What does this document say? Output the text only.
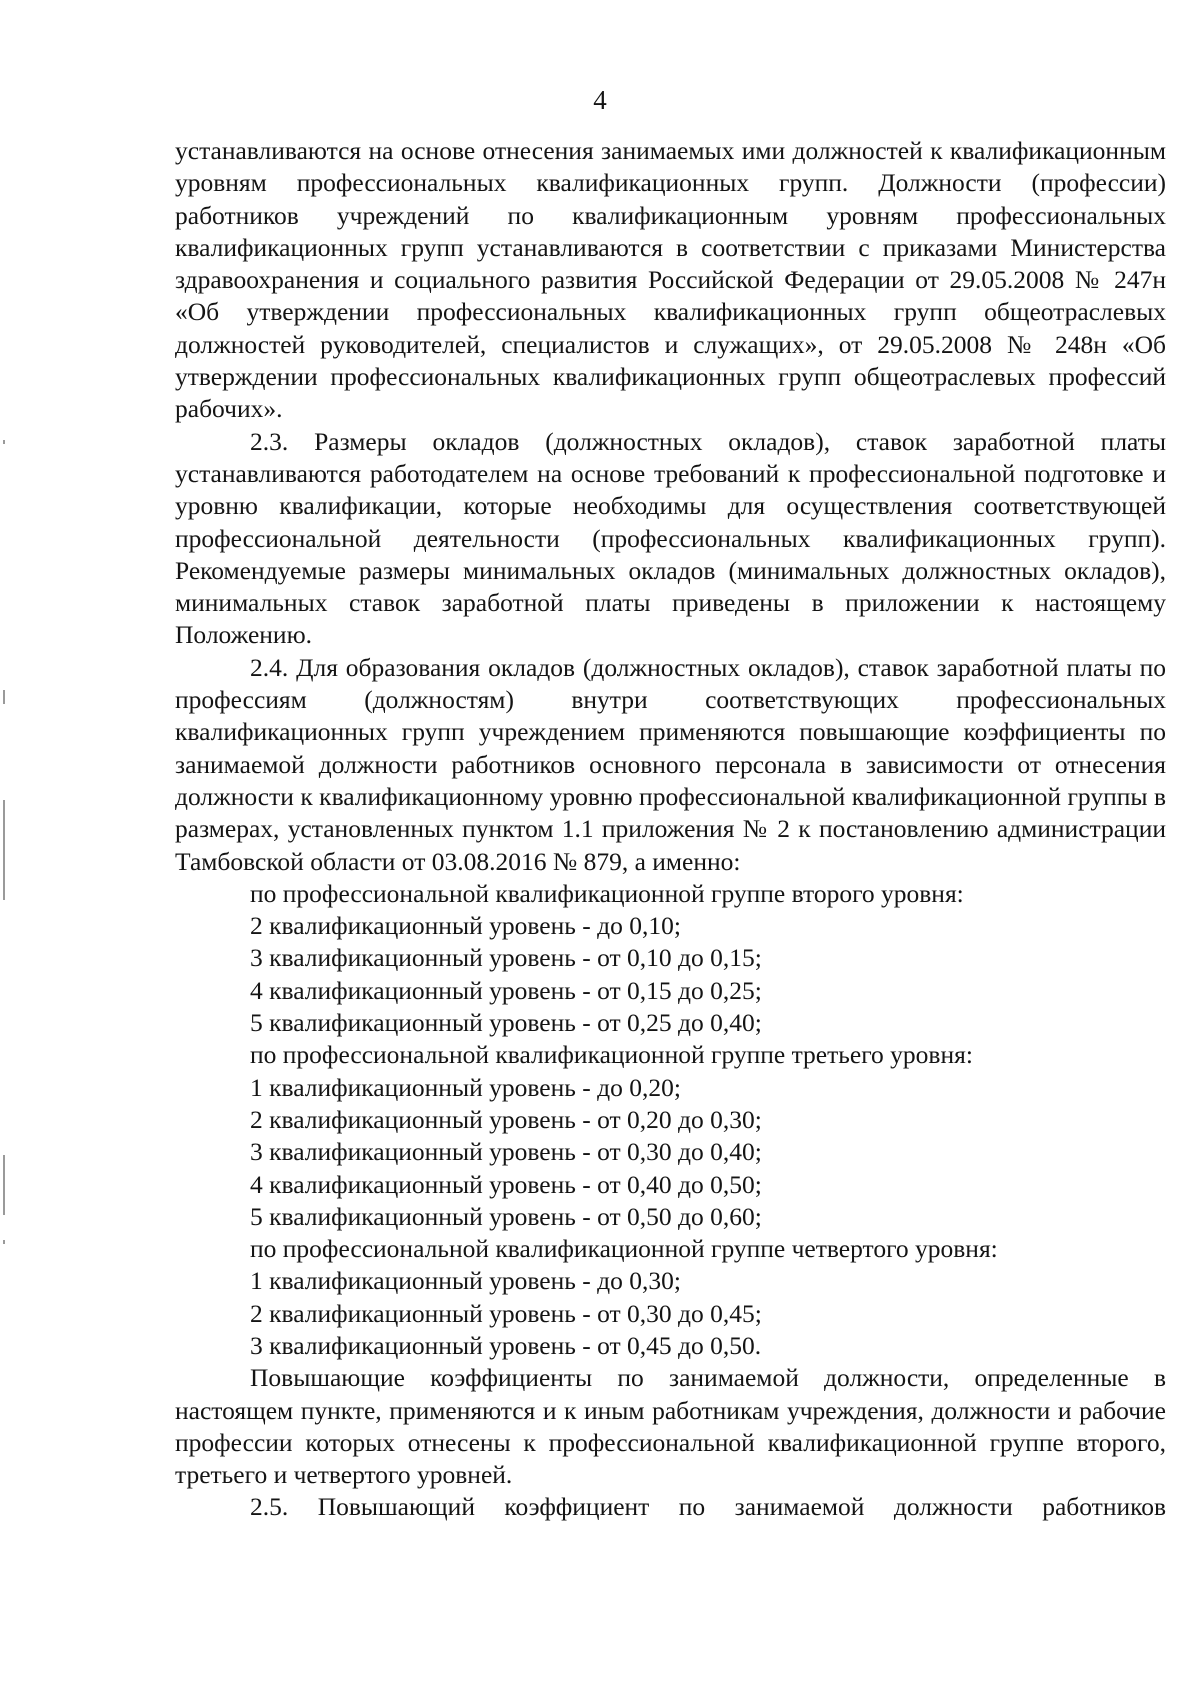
4

устанавливаются на основе отнесения занимаемых ими должностей к квалификационным уровням профессиональных квалификационных групп. Должности (профессии) работников учреждений по квалификационным уровням профессиональных квалификационных групп устанавливаются в соответствии с приказами Министерства здравоохранения и социального развития Российской Федерации от 29.05.2008 № 247н «Об утверждении профессиональных квалификационных групп общеотраслевых должностей руководителей, специалистов и служащих», от 29.05.2008 № 248н «Об утверждении профессиональных квалификационных групп общеотраслевых профессий рабочих».

2.3. Размеры окладов (должностных окладов), ставок заработной платы устанавливаются работодателем на основе требований к профессиональной подготовке и уровню квалификации, которые необходимы для осуществления соответствующей профессиональной деятельности (профессиональных квалификационных групп). Рекомендуемые размеры минимальных окладов (минимальных должностных окладов), минимальных ставок заработной платы приведены в приложении к настоящему Положению.

2.4. Для образования окладов (должностных окладов), ставок заработной платы по профессиям (должностям) внутри соответствующих профессиональных квалификационных групп учреждением применяются повышающие коэффициенты по занимаемой должности работников основного персонала в зависимости от отнесения должности к квалификационному уровню профессиональной квалификационной группы в размерах, установленных пунктом 1.1 приложения № 2 к постановлению администрации Тамбовской области от 03.08.2016 № 879, а именно:

по профессиональной квалификационной группе второго уровня:

2 квалификационный уровень - до 0,10;

3 квалификационный уровень - от 0,10 до 0,15;

4 квалификационный уровень - от 0,15 до 0,25;

5 квалификационный уровень - от 0,25 до 0,40;

по профессиональной квалификационной группе третьего уровня:

1 квалификационный уровень - до 0,20;

2 квалификационный уровень - от 0,20 до 0,30;

3 квалификационный уровень - от 0,30 до 0,40;

4 квалификационный уровень - от 0,40 до 0,50;

5 квалификационный уровень - от 0,50 до 0,60;

по профессиональной квалификационной группе четвертого уровня:

1 квалификационный уровень - до 0,30;

2 квалификационный уровень - от 0,30 до 0,45;

3 квалификационный уровень - от 0,45 до 0,50.

Повышающие коэффициенты по занимаемой должности, определенные в настоящем пункте, применяются и к иным работникам учреждения, должности и рабочие профессии которых отнесены к профессиональной квалификационной группе второго, третьего и четвертого уровней.

2.5. Повышающий коэффициент по занимаемой должности работников
